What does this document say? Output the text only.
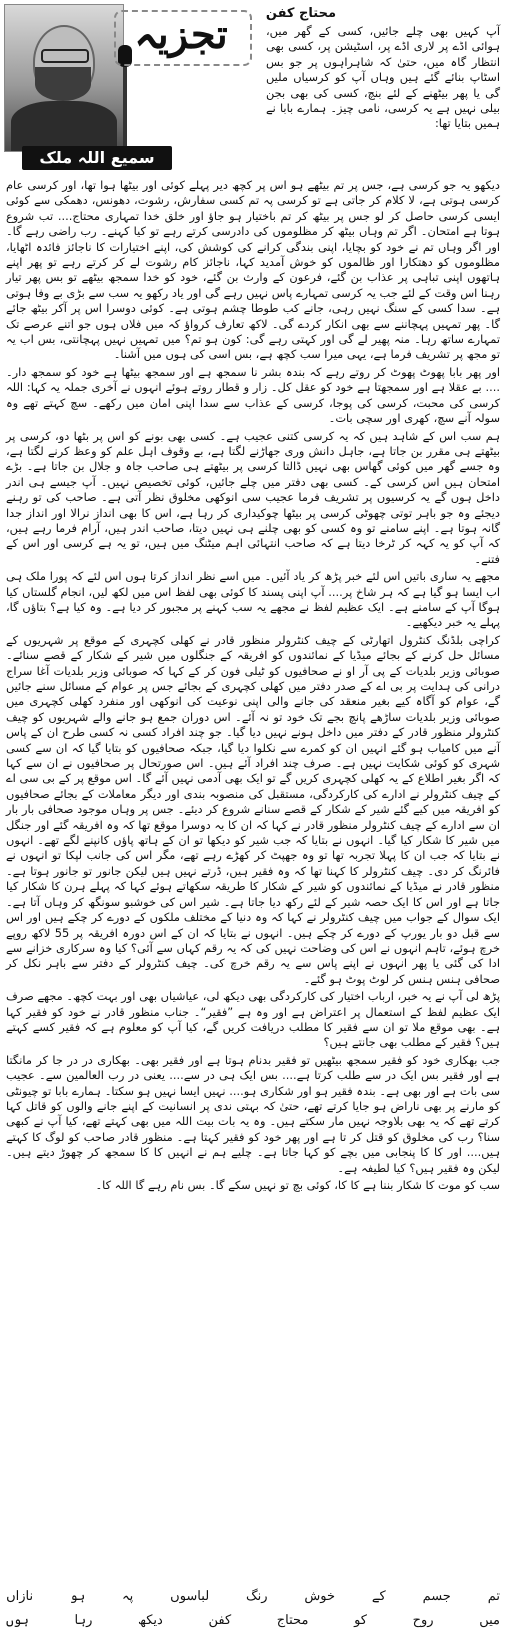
تجزیہ
سمیع اللہ ملک
محتاج کفن
آپ کہیں بھی چلے جائیں، کسی کے گھر میں، ہوائی اڈے پر لاری اڈے پر، اسٹیشن پر، کسی بھی انتظار گاہ میں، حتیٰ کہ شاہراہوں پر جو بس اسٹاپ بنائے گئے ہیں وہاں آپ کو کرسیاں ملیں گی یا پھر بیٹھنے کے لئے بنچ، کسی کی بھی بجن بیلی نہیں ہے یہ کرسی، نامی چیز۔ ہمارے بابا نے ہمیں بتایا تھا:

دیکھو یہ جو کرسی ہے، جس پر تم بیٹھے ہو اس پر کچھ دیر پہلے کوئی اور بیٹھا ہوا تھا، اور کرسی عام کرسی ہوتی ہے، لا کلام کر جاتی ہے تو کرسی پہ تم کسی سفارش، رشوت، دھونس، دھمکی سے کوئی ایسی کرسی حاصل کر لو جس پر بیٹھ کر تم باختیار ہو جاؤ اور خلق خدا تمہاری محتاج.... تب شروع ہوتا ہے امتحان۔ اگر تم وہاں بیٹھ کر مظلوموں کی دادرسی کرتے رہے تو کیا کہنے۔ رب راضی رہے گا۔ اور اگر وہاں تم نے خود کو بچایا، اپنی بندگی کرانے کی کوشش کی، اپنے اختیارات کا ناجائز فائدہ اٹھایا، مظلوموں کو دھتکارا اور ظالموں کو خوش آمدید کہا، ناجائز کام رشوت لے کر کرتے رہے تو پھر اپنے ہاتھوں اپنی تباہی پر عذاب بن گئے، فرعون کے وارث بن گئے، خود کو خدا سمجھ بیٹھے تو بس پھر تیار رہنا اس وقت کے لئے جب یہ کرسی تمہارے پاس نہیں رہے گی اور یاد رکھو یہ سب سے بڑی بے وفا ہوتی ہے۔ سدا کسی کے سنگ نہیں رہی، جانے کب طوطا چشم ہوتی ہے۔ کوئی دوسرا اس پر آکر بیٹھ جائے گا۔ پھر تمہیں پہچاننے سے بھی انکار کردے گی۔ لاکھ تعارف کرواؤ کہ میں فلاں ہوں جو اتنے عرصے تک تمہارے ساتھ رہا۔ منہ پھیر لے گی اور کہتی رہے گی: کون ہو تم؟ میں تمہیں نہیں پہچانتی، بس اب یہ تو مجھ پر تشریف فرما ہے، یہی میرا سب کچھ ہے، بس اسی کی ہوں میں آشنا۔

اور پھر بابا پھوٹ پھوٹ کر روتے رہے کہ بندہ بشر نا سمجھ ہے اور سمجھ بیٹھا ہے خود کو سمجھ دار۔ .... بے عقلا ہے اور سمجھتا ہے خود کو عقل کل۔ زار و قطار روتے ہوئے انہوں نے آخری جملہ یہ کہا: اللہ کرسی کی محبت، کرسی کی پوجا، کرسی کے عذاب سے سدا اپنی امان میں رکھے۔ سچ کہتے تھے وہ سولہ آنے سچ، کھری اور سچی بات۔

ہم سب اس کے شاہد ہیں کہ یہ کرسی کتنی عجیب ہے۔ کسی بھی بونے کو اس پر بٹھا دو، کرسی پر بیٹھتے ہی مقرر بن جاتا ہے، جاہل دانش وری جھاڑنے لگتا ہے، بے وقوف اہل علم کو وعظ کرنے لگتا ہے، وہ جسے گھر میں کوئی گھاس بھی نہیں ڈالتا کرسی پر بیٹھتے ہی صاحب جاہ و جلال بن جاتا ہے۔ بڑے امتحان ہیں اس کرسی کے۔ کسی بھی دفتر میں چلے جائیں، کوئی تخصیص نہیں۔ آپ جیسے ہی اندر داخل ہوں گے یہ کرسیوں پر تشریف فرما عجیب سی انوکھی مخلوق نظر آتی ہے۔ صاحب کی تو رہنے دیجئے وہ جو باہر توتی چھوٹی کرسی پر بیٹھا چوکیداری کر رہا ہے، اس کا بھی انداز نرالا اور انداز جدا گانہ ہوتا ہے۔ اپنے سامنے تو وہ کسی کو بھی چلنے ہی نہیں دیتا، صاحب اندر ہیں، آرام فرما رہے ہیں، کہ آپ کو یہ کہہ کر ٹرخا دیتا ہے کہ صاحب انتہائی اہم میٹنگ میں ہیں، تو یہ ہے کرسی اور اس کے فتنے۔

مجھے یہ ساری باتیں اس لئے خبر پڑھ کر یاد آئیں۔ میں اسے نظر انداز کرتا ہوں اس لئے کہ پورا ملک ہی اب ایسا ہو گیا ہے کہ ہر شاخ پر.... آپ اپنی پسند کا کوئی بھی لفظ اس میں لکھ لیں، انجام گلستاں کیا ہوگا آپ کے سامنے ہے۔ ایک عظیم لفظ نے مجھے یہ سب کہنے پر مجبور کر دیا ہے۔ وہ کیا ہے؟ بتاؤں گا، پہلے یہ خبر دیکھیے۔

کراچی بلڈنگ کنٹرول اتھارٹی کے چیف کنٹرولر منظور قادر نے کھلی کچہری کے موقع پر شہریوں کے مسائل حل کرنے کے بجائے میڈیا کے نمائندوں کو افریقہ کے جنگلوں میں شیر کے شکار کے قصے سنائے۔ صوبائی وزیر بلدیات کے پی آر او نے صحافیوں کو ٹیلی فون کر کے کہا کہ صوبائی وزیر بلدیات آغا سراج درانی کی ہدایت پر بی اے کے صدر دفتر میں کھلی کچہری کے بجائے جس پر عوام کے مسائل سنے جائیں گے، عوام کو آگاہ کیے بغیر منعقد کی جانے والی اپنی نوعیت کی انوکھی اور منفرد کھلی کچہری میں صوبائی وزیر بلدیات ساڑھے پانچ بجے تک خود تو نہ آئے۔ اس دوران جمع ہو جانے والے شہریوں کو چیف کنٹرولر منظور قادر کے دفتر میں داخل ہونے نہیں دیا گیا۔ جو چند افراد کسی نہ کسی طرح ان کے پاس آنے میں کامیاب ہو گئے انہیں ان کو کمرے سے نکلوا دیا گیا، جبکہ صحافیوں کو بتایا گیا کہ ان سے کسی شہری کو کوئی شکایت نہیں ہے۔ صرف چند افراد آئے ہیں۔ اس صورتحال پر صحافیوں نے ان سے کہا کہ اگر بغیر اطلاع کے یہ کھلی کچہری کریں گے تو ایک بھی آدمی نہیں آئے گا۔ اس موقع پر کے بی سی اے کے چیف کنٹرولر نے ادارے کی کارکردگی، مستقبل کی منصوبہ بندی اور دیگر معاملات کے بجائے صحافیوں کو افریقہ میں کیے گئے شیر کے شکار کے قصے سنانے شروع کر دیئے۔ جس پر وہاں موجود صحافی بار بار ان سے ادارے کے چیف کنٹرولر منظور قادر نے کہا کہ ان کا یہ دوسرا موقع تھا کہ وہ افریقہ گئے اور جنگل میں شیر کا شکار کیا گیا۔ انہوں نے بتایا کہ جب شیر کو دیکھا تو ان کے ہاتھ پاؤں کانپنے لگے تھے۔ انہوں نے بتایا کہ جب ان کا پہلا تجربہ تھا تو وہ جھپٹ کر کھڑے رہے تھے، مگر اس کی جانب لپکا تو انہوں نے فائرنگ کر دی۔ چیف کنٹرولر کا کہنا تھا کہ وہ فقیر ہیں، ڈرتے نہیں ہیں لیکن جانور تو جانور ہوتا ہے۔ منظور قادر نے میڈیا کے نمائندوں کو شیر کے شکار کا طریقہ سکھاتے ہوئے کہا کہ پہلے ہرن کا شکار کیا جاتا ہے اور اس کا ایک حصہ شیر کے لئے رکھ دیا جاتا ہے۔ شیر اس کی خوشبو سونگھ کر وہاں آتا ہے۔ ایک سوال کے جواب میں چیف کنٹرولر نے کہا کہ وہ دنیا کے مختلف ملکوں کے دورے کر چکے ہیں اور اس سے قبل دو بار یورپ کے دورے کر چکے ہیں۔ انہوں نے بتایا کہ ان کے اس دورہ افریقہ پر 55 لاکھ روپے خرچ ہوئے، تاہم انہوں نے اس کی وضاحت نہیں کی کہ یہ رقم کہاں سے آئی؟ کیا وہ سرکاری خزانے سے ادا کی گئی یا پھر انہوں نے اپنے پاس سے یہ رقم خرچ کی۔ چیف کنٹرولر کے دفتر سے باہر نکل کر صحافی ہنس ہنس کر لوٹ پوٹ ہو گئے۔

پڑھ لی آپ نے یہ خبر، ارباب اختیار کی کارکردگی بھی دیکھ لی، عیاشیاں بھی اور بہت کچھ۔ مجھے صرف ایک عظیم لفظ کے استعمال پر اعتراض ہے اور وہ ہے ”فقیر“۔ جناب منظور قادر نے خود کو فقیر کہا ہے۔ بھی موقع ملا تو ان سے فقیر کا مطلب دریافت کریں گے، کیا آپ کو معلوم ہے کہ فقیر کسے کہتے ہیں؟ فقیر کے مطلب بھی جانتے ہیں؟

جب بھکاری خود کو فقیر سمجھ بیٹھیں تو فقیر بدنام ہوتا ہے اور فقیر بھی۔ بھکاری در در جا کر مانگتا ہے اور فقیر بس ایک در سے طلب کرتا ہے.... بس ایک ہی در سے.... یعنی در رب العالمین سے۔ عجیب سی بات ہے اور بھی ہے۔ بندہ فقیر ہو اور شکاری ہو.... نہیں ایسا نہیں ہو سکتا۔ ہمارے بابا تو چیونٹی کو مارنے پر بھی ناراض ہو جایا کرتے تھے، حتیٰ کہ بہتی ندی پر انسانیت کے اپنے جانے والوں کو قاتل کہا کرتے تھے کہ یہ بھی بلاوجہ نہیں مار سکتے ہیں۔ وہ یہ بات بیت اللہ میں بھی کہتے تھے، کیا آپ نے کبھی سنا؟ رب کی مخلوق کو قتل کر تا ہے اور پھر خود کو فقیر کہتا ہے۔ منظور قادر صاحب کو لوگ کا کہتے ہیں.... اور کا کا پنجابی میں بچے کو کہا جاتا ہے۔ چلیے ہم نے انہیں کا کا سمجھ کر چھوڑ دیتے ہیں۔ لیکن وہ فقیر ہیں؟ کیا لطیفہ ہے۔

سب کو موت کا شکار بننا ہے کا کا، کوئی بچ تو نہیں سکے گا۔ بس نام رہے گا اللہ کا۔

تم
جسم
کے
خوش
رنگ
لباسوں
پہ
ہو
نازاں
میں
روح
کو
محتاج
کفن
دیکھ
رہا
ہوں
